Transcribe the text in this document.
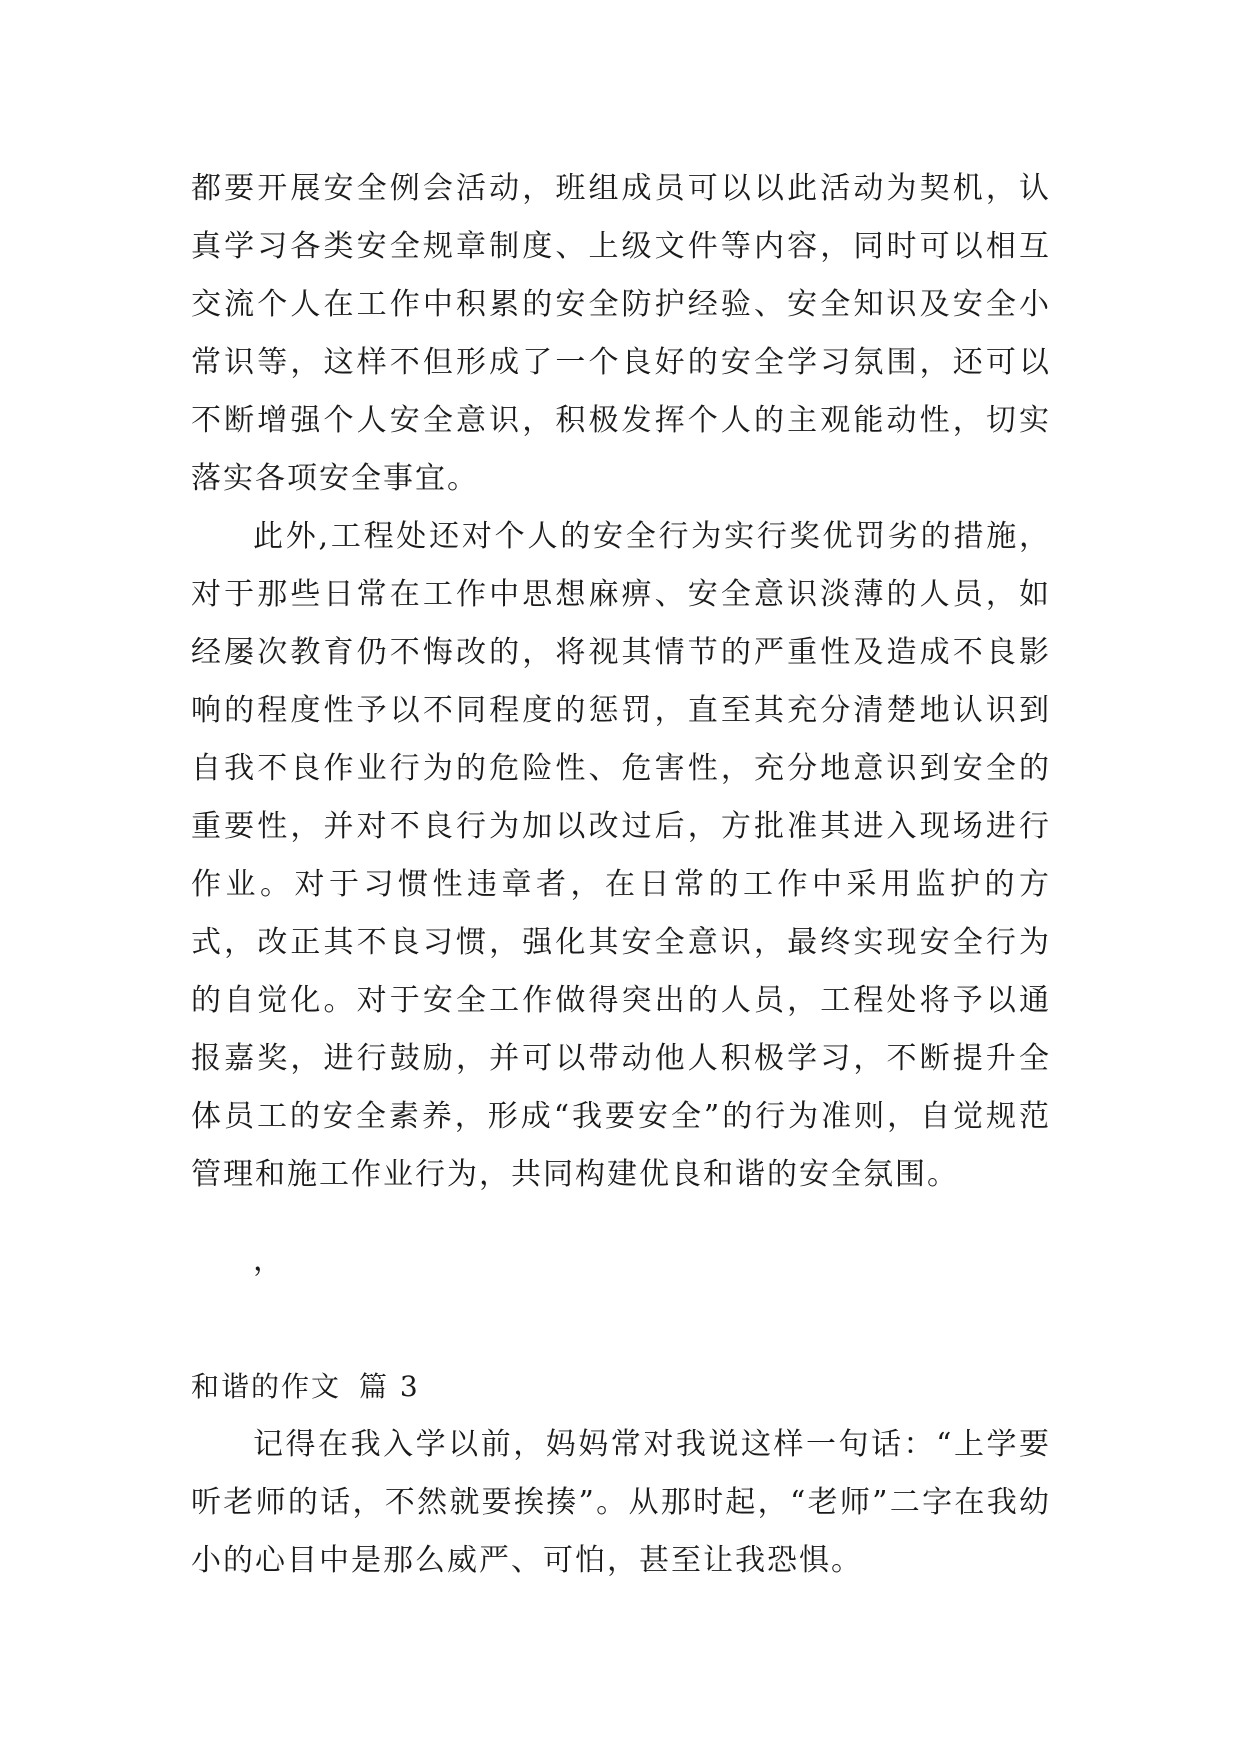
都要开展安全例会活动，班组成员可以以此活动为契机，认真学习各类安全规章制度、上级文件等内容，同时可以相互交流个人在工作中积累的安全防护经验、安全知识及安全小常识等，这样不但形成了一个良好的安全学习氛围，还可以不断增强个人安全意识，积极发挥个人的主观能动性，切实落实各项安全事宜。

此外,工程处还对个人的安全行为实行奖优罚劣的措施，对于那些日常在工作中思想麻痹、安全意识淡薄的人员，如经屡次教育仍不悔改的，将视其情节的严重性及造成不良影响的程度性予以不同程度的惩罚，直至其充分清楚地认识到自我不良作业行为的危险性、危害性，充分地意识到安全的重要性，并对不良行为加以改过后，方批准其进入现场进行作业。对于习惯性违章者，在日常的工作中采用监护的方式，改正其不良习惯，强化其安全意识，最终实现安全行为的自觉化。对于安全工作做得突出的人员，工程处将予以通报嘉奖，进行鼓励，并可以带动他人积极学习，不断提升全体员工的安全素养，形成“我要安全”的行为准则，自觉规范管理和施工作业行为，共同构建优良和谐的安全氛围。

，

和谐的作文 篇 3

记得在我入学以前，妈妈常对我说这样一句话：“上学要听老师的话，不然就要挨揍”。从那时起，“老师”二字在我幼小的心目中是那么威严、可怕，甚至让我恐惧。
